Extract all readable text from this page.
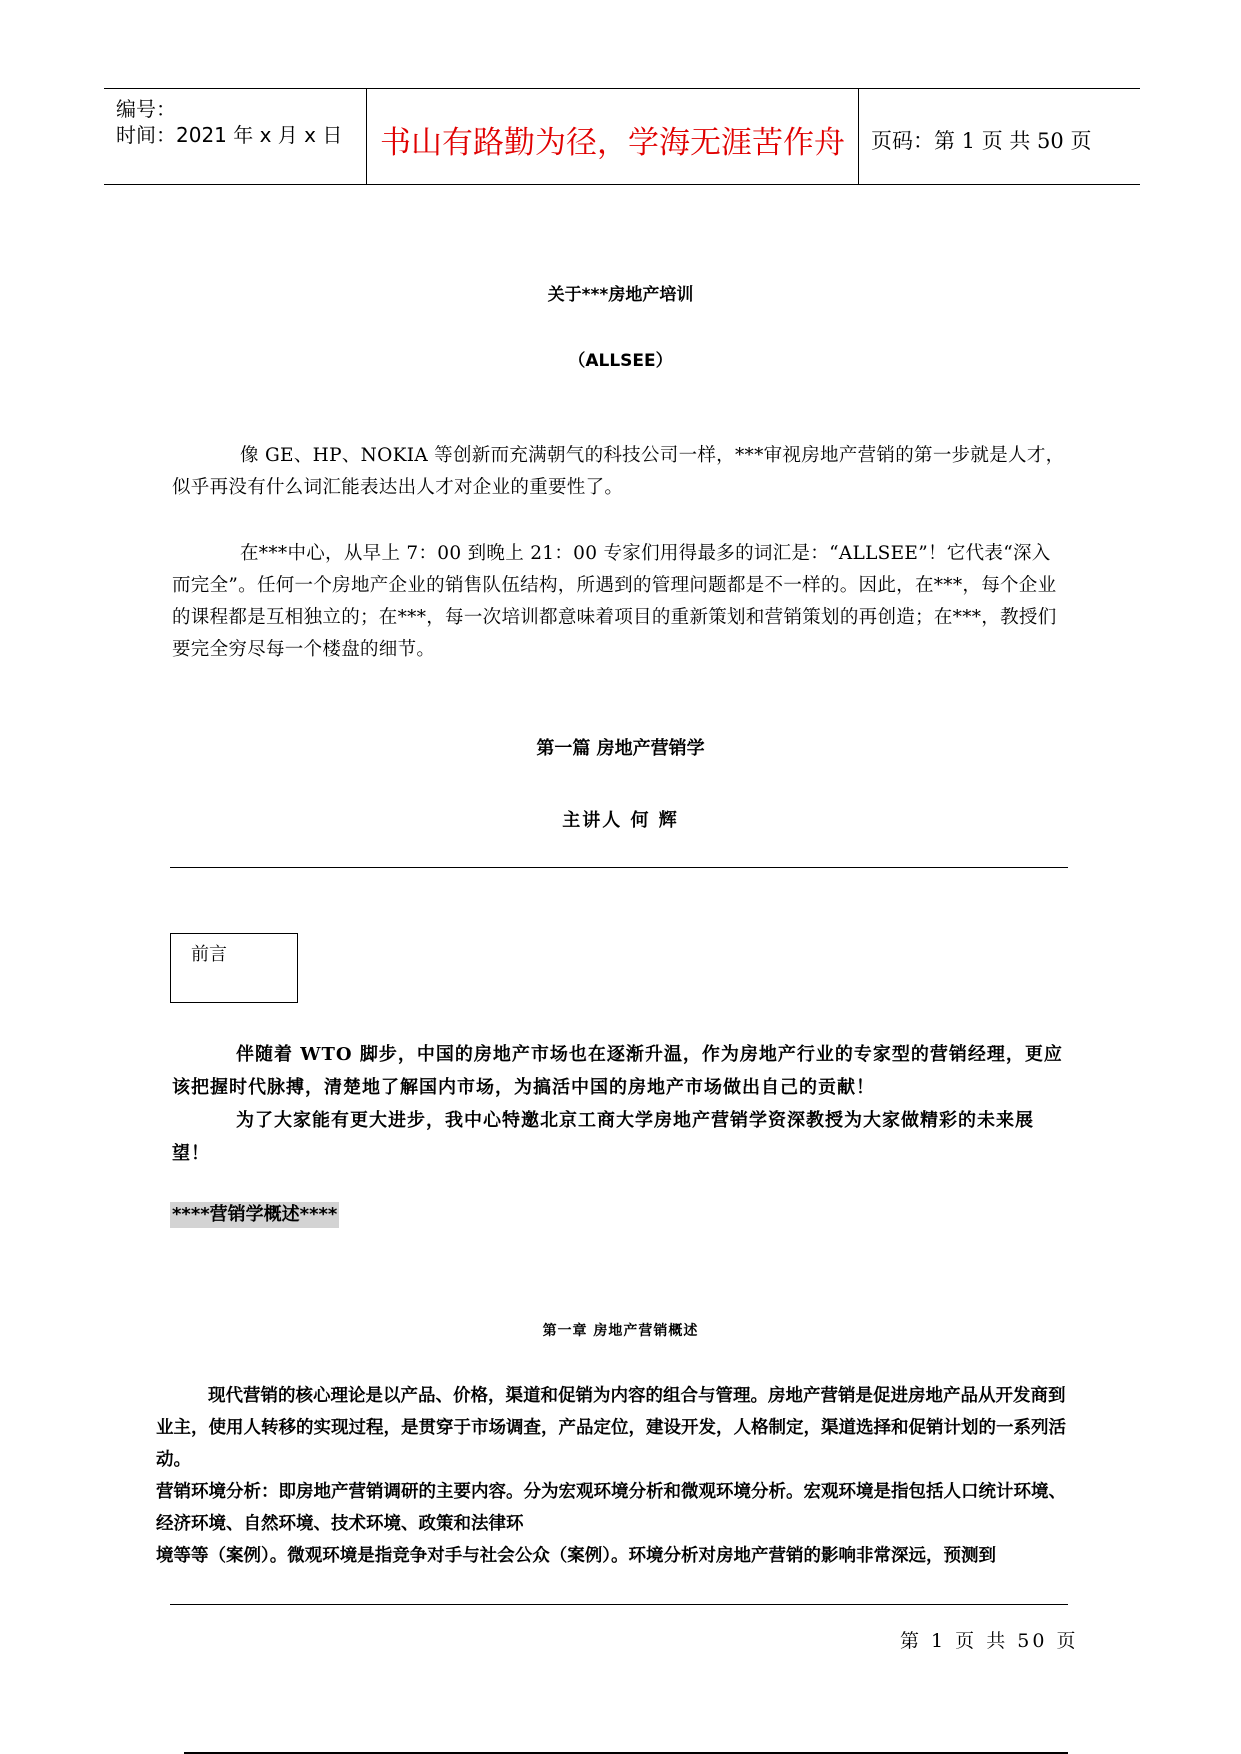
编号：
时间：2021 年 x 月 x 日	书山有路勤为径，学海无涯苦作舟	页码：第 1 页 共 50 页
关于***房地产培训
（ALLSEE）
像 GE、HP、NOKIA 等创新而充满朝气的科技公司一样，***审视房地产营销的第一步就是人才，似乎再没有什么词汇能表达出人才对企业的重要性了。
在***中心，从早上 7：00 到晚上 21：00 专家们用得最多的词汇是：“ALLSEE”！它代表“深入而完全”。任何一个房地产企业的销售队伍结构，所遇到的管理问题都是不一样的。因此，在***，每个企业的课程都是互相独立的；在***，每一次培训都意味着项目的重新策划和营销策划的再创造；在***，教授们要完全穷尽每一个楼盘的细节。
第一篇 房地产营销学
主讲人 何 辉
前言
伴随着 WTO 脚步，中国的房地产市场也在逐渐升温，作为房地产行业的专家型的营销经理，更应该把握时代脉搏，清楚地了解国内市场，为搞活中国的房地产市场做出自己的贡献！
为了大家能有更大进步，我中心特邀北京工商大学房地产营销学资深教授为大家做精彩的未来展望！
****营销学概述****
第一章 房地产营销概述
现代营销的核心理论是以产品、价格，渠道和促销为内容的组合与管理。房地产营销是促进房地产品从开发商到业主，使用人转移的实现过程，是贯穿于市场调查，产品定位，建设开发，人格制定，渠道选择和促销计划的一系列活动。
营销环境分析：即房地产营销调研的主要内容。分为宏观环境分析和微观环境分析。宏观环境是指包括人口统计环境、经济环境、自然环境、技术环境、政策和法律环
境等等（案例）。微观环境是指竞争对手与社会公众（案例）。环境分析对房地产营销的影响非常深远，预测到
第 1 页 共 50 页
